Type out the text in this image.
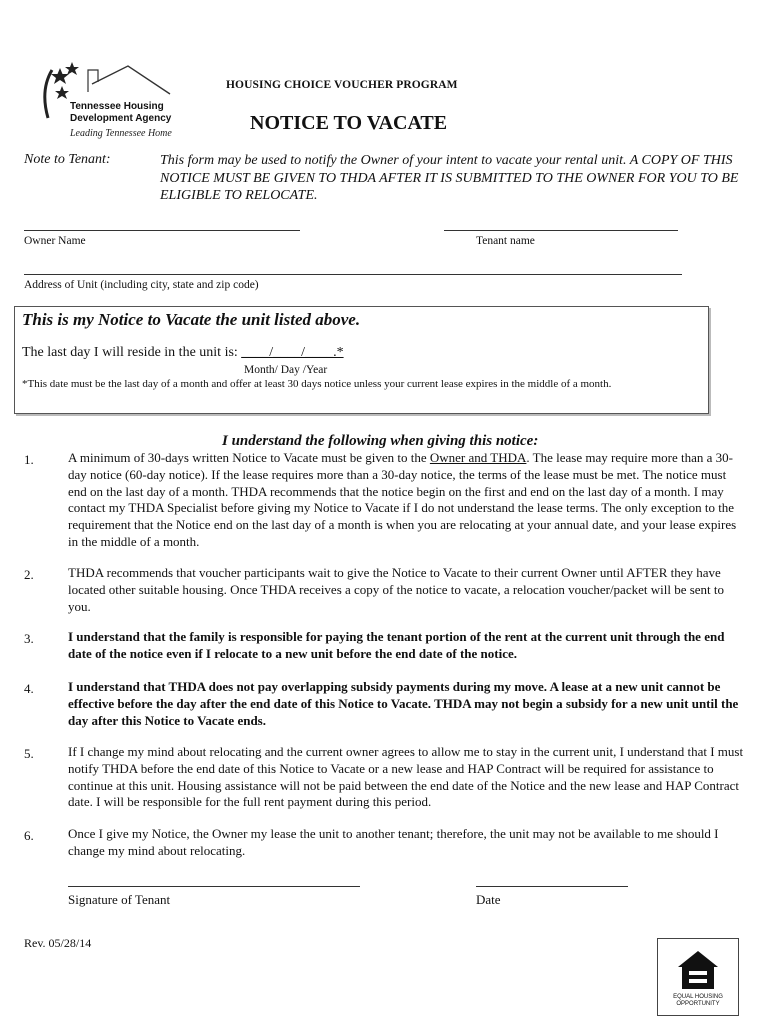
Tennessee Housing
Development Agency
Leading Tennessee Home
HOUSING CHOICE VOUCHER PROGRAM
NOTICE TO VACATE
Note to Tenant:	This form may be used to notify the Owner of your intent to vacate your rental unit. A COPY OF THIS NOTICE MUST BE GIVEN TO THDA AFTER IT IS SUBMITTED TO THE OWNER FOR YOU TO BE ELIGIBLE TO RELOCATE.
Owner Name	Tenant name
Address of Unit (including city, state and zip code)
This is my Notice to Vacate the unit listed above.
The last day I will reside in the unit is: ____/____/____.*
Month/ Day /Year
*This date must be the last day of a month and offer at least 30 days notice unless your current lease expires in the middle of a month.
I understand the following when giving this notice:
1.	A minimum of 30-days written Notice to Vacate must be given to the Owner and THDA. The lease may require more than a 30-day notice (60-day notice). If the lease requires more than a 30-day notice, the terms of the lease must be met. The notice must end on the last day of a month. THDA recommends that the notice begin on the first and end on the last day of a month. I may contact my THDA Specialist before giving my Notice to Vacate if I do not understand the lease terms. The only exception to the requirement that the Notice end on the last day of a month is when you are relocating at your annual date, and your lease expires in the middle of a month.
2.	THDA recommends that voucher participants wait to give the Notice to Vacate to their current Owner until AFTER they have located other suitable housing. Once THDA receives a copy of the notice to vacate, a relocation voucher/packet will be sent to you.
3.	I understand that the family is responsible for paying the tenant portion of the rent at the current unit through the end date of the notice even if I relocate to a new unit before the end date of the notice.
4.	I understand that THDA does not pay overlapping subsidy payments during my move. A lease at a new unit cannot be effective before the day after the end date of this Notice to Vacate. THDA may not begin a subsidy for a new unit until the day after this Notice to Vacate ends.
5.	If I change my mind about relocating and the current owner agrees to allow me to stay in the current unit, I understand that I must notify THDA before the end date of this Notice to Vacate or a new lease and HAP Contract will be required for assistance to continue at this unit. Housing assistance will not be paid between the end date of the Notice and the new lease and HAP Contract date. I will be responsible for the full rent payment during this period.
6.	Once I give my Notice, the Owner my lease the unit to another tenant; therefore, the unit may not be available to me should I change my mind about relocating.
Signature of Tenant	Date
Rev. 05/28/14
EQUAL HOUSING
OPPORTUNITY
